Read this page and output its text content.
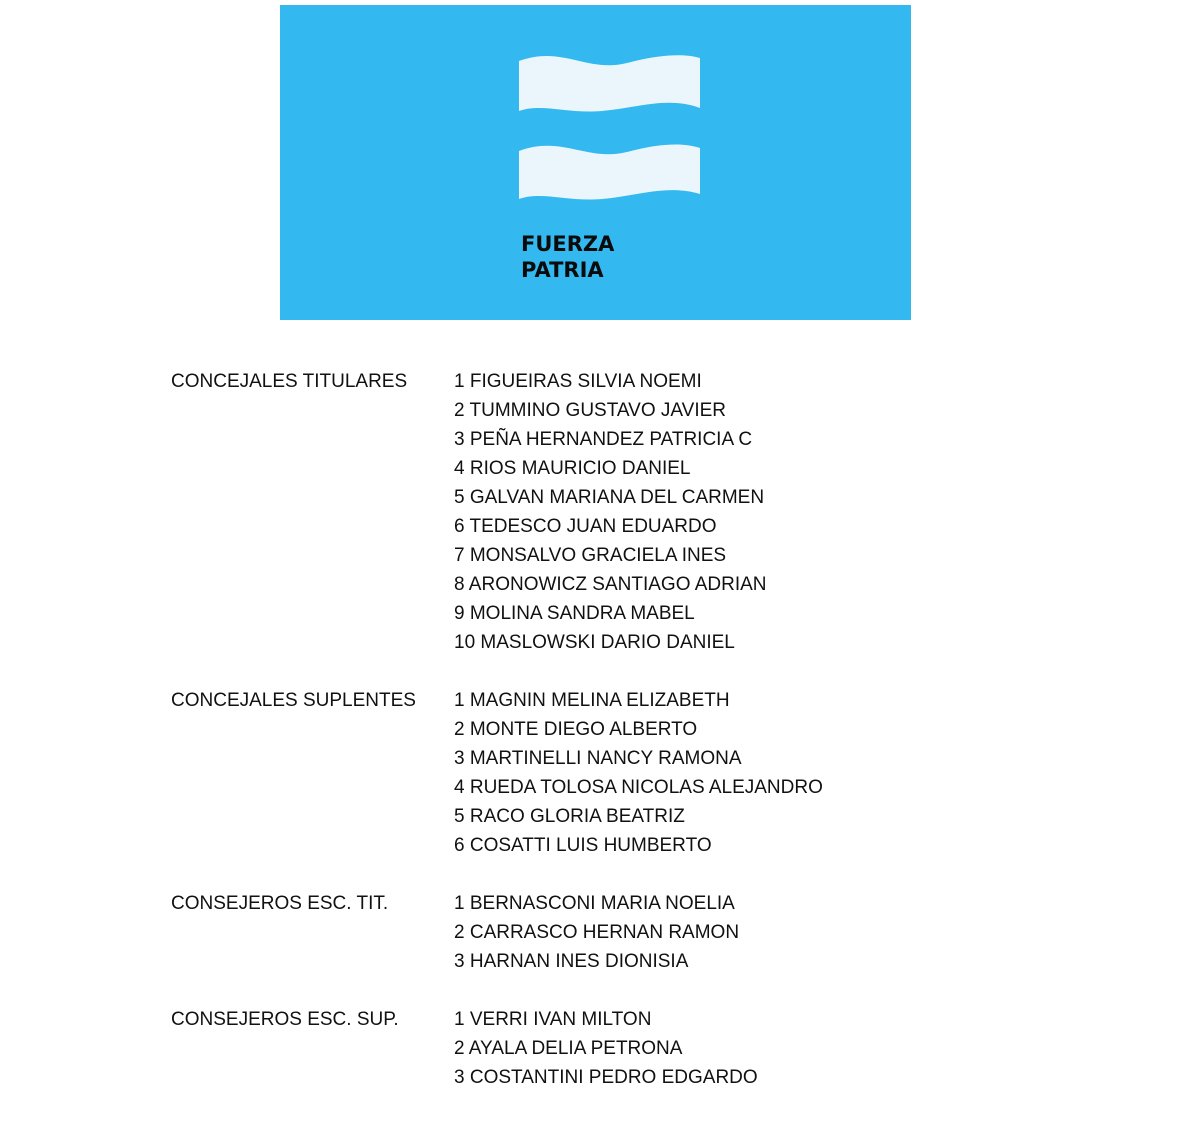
FUERZA
PATRIA
CONCEJALES TITULARES	1 FIGUEIRAS SILVIA NOEMI
2 TUMMINO GUSTAVO JAVIER
3 PEÑA HERNANDEZ PATRICIA C
4 RIOS MAURICIO DANIEL
5 GALVAN MARIANA DEL CARMEN
6 TEDESCO JUAN EDUARDO
7 MONSALVO GRACIELA INES
8 ARONOWICZ SANTIAGO ADRIAN
9 MOLINA SANDRA MABEL
10 MASLOWSKI DARIO DANIEL
CONCEJALES SUPLENTES	1 MAGNIN MELINA ELIZABETH
2 MONTE DIEGO ALBERTO
3 MARTINELLI NANCY RAMONA
4 RUEDA TOLOSA NICOLAS ALEJANDRO
5 RACO GLORIA BEATRIZ
6 COSATTI LUIS HUMBERTO
CONSEJEROS ESC. TIT.	1 BERNASCONI MARIA NOELIA
2 CARRASCO HERNAN RAMON
3 HARNAN INES DIONISIA
CONSEJEROS ESC. SUP.	1 VERRI IVAN MILTON
2 AYALA DELIA PETRONA
3 COSTANTINI PEDRO EDGARDO
